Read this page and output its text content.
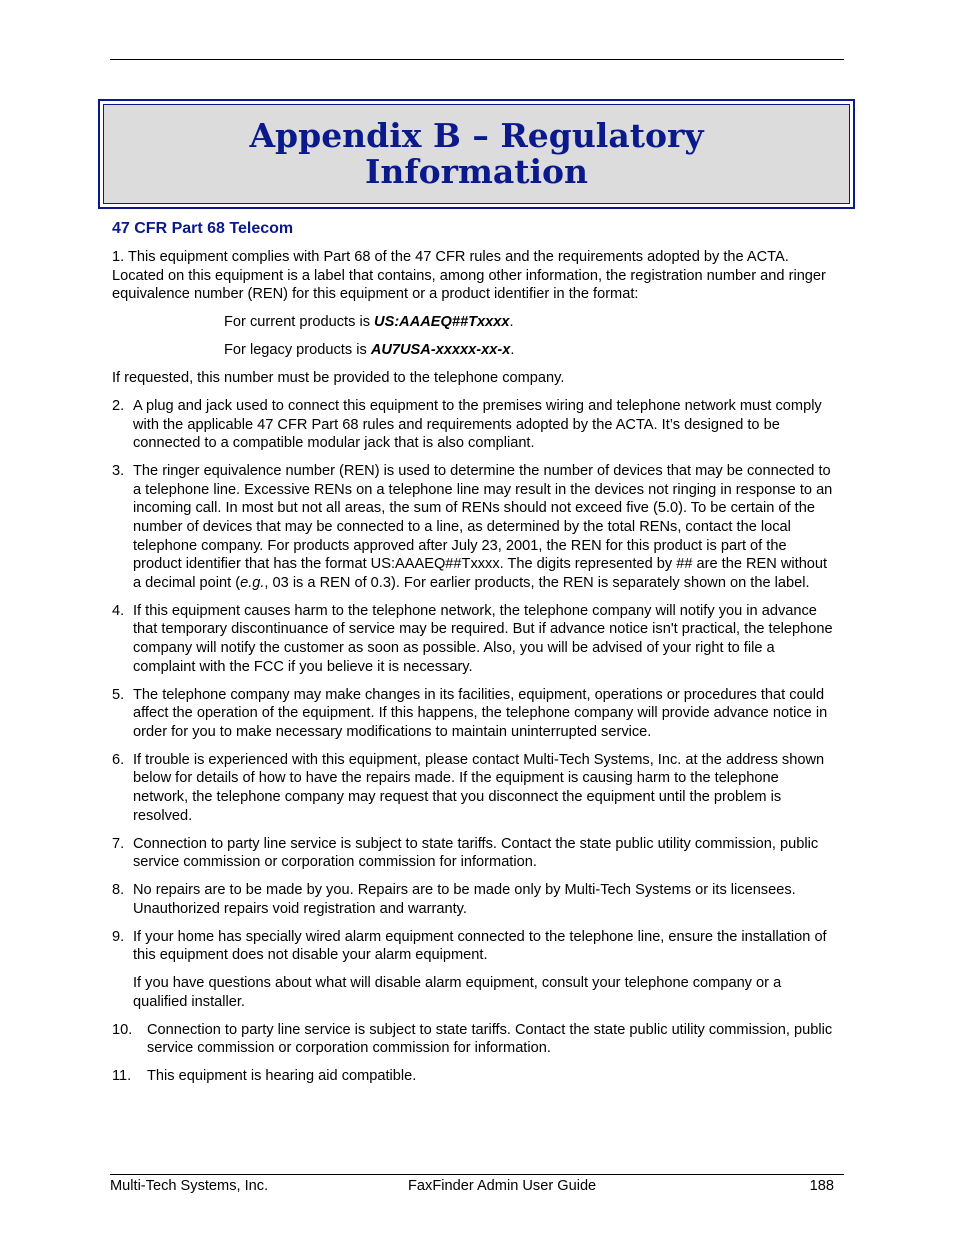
Appendix B – Regulatory Information
47 CFR Part 68 Telecom

1. This equipment complies with Part 68 of the 47 CFR rules and the requirements adopted by the ACTA. Located on this equipment is a label that contains, among other information, the registration number and ringer equivalence number (REN) for this equipment or a product identifier in the format:

For current products is US:AAAEQ##Txxxx.

For legacy products is AU7USA-xxxxx-xx-x.

If requested, this number must be provided to the telephone company.

2. A plug and jack used to connect this equipment to the premises wiring and telephone network must comply with the applicable 47 CFR Part 68 rules and requirements adopted by the ACTA. It’s designed to be connected to a compatible modular jack that is also compliant.
3. The ringer equivalence number (REN) is used to determine the number of devices that may be connected to a telephone line. Excessive RENs on a telephone line may result in the devices not ringing in response to an incoming call. In most but not all areas, the sum of RENs should not exceed five (5.0). To be certain of the number of devices that may be connected to a line, as determined by the total RENs, contact the local telephone company. For products approved after July 23, 2001, the REN for this product is part of the product identifier that has the format US:AAAEQ##Txxxx. The digits represented by ## are the REN without a decimal point (e.g., 03 is a REN of 0.3). For earlier products, the REN is separately shown on the label.
4. If this equipment causes harm to the telephone network, the telephone company will notify you in advance that temporary discontinuance of service may be required. But if advance notice isn't practical, the telephone company will notify the customer as soon as possible. Also, you will be advised of your right to file a complaint with the FCC if you believe it is necessary.
5. The telephone company may make changes in its facilities, equipment, operations or procedures that could affect the operation of the equipment. If this happens, the telephone company will provide advance notice in order for you to make necessary modifications to maintain uninterrupted service.
6. If trouble is experienced with this equipment, please contact Multi-Tech Systems, Inc. at the address shown below for details of how to have the repairs made. If the equipment is causing harm to the telephone network, the telephone company may request that you disconnect the equipment until the problem is resolved.
7. Connection to party line service is subject to state tariffs. Contact the state public utility commission, public service commission or corporation commission for information.
8. No repairs are to be made by you. Repairs are to be made only by Multi-Tech Systems or its licensees. Unauthorized repairs void registration and warranty.
9. If your home has specially wired alarm equipment connected to the telephone line, ensure the installation of this equipment does not disable your alarm equipment.

If you have questions about what will disable alarm equipment, consult your telephone company or a qualified installer.

10. Connection to party line service is subject to state tariffs. Contact the state public utility commission, public service commission or corporation commission for information.
11. This equipment is hearing aid compatible.
Multi-Tech Systems, Inc.	FaxFinder Admin User Guide	188
